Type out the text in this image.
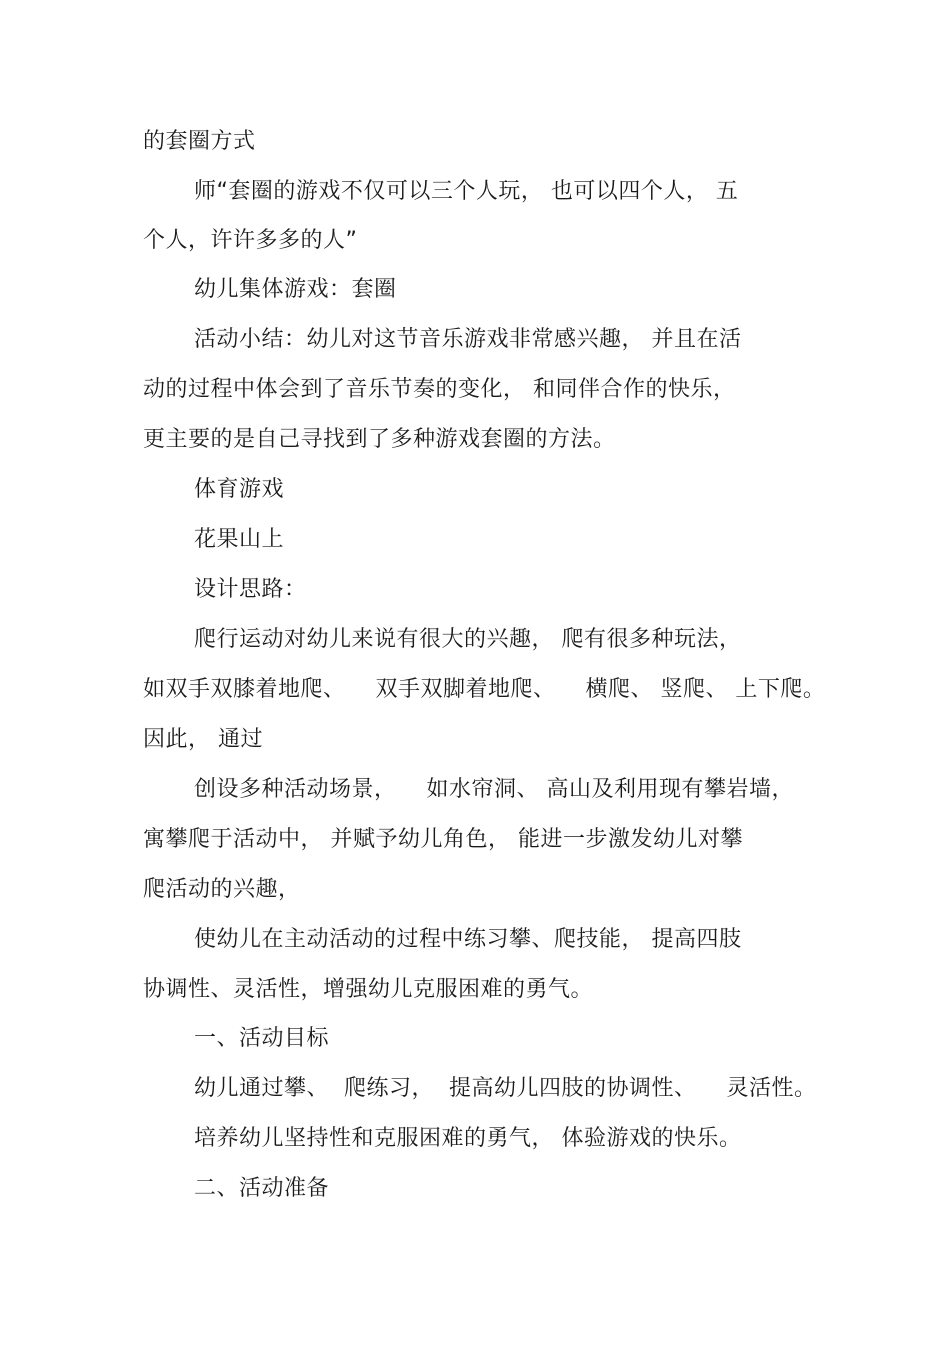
的套圈方式
师“套圈的游戏不仅可以三个人玩， 也可以四个人， 五
个人，许许多多的人”
幼儿集体游戏：套圈
活动小结：幼儿对这节音乐游戏非常感兴趣， 并且在活
动的过程中体会到了音乐节奏的变化， 和同伴合作的快乐，
更主要的是自己寻找到了多种游戏套圈的方法。
体育游戏
花果山上
设计思路：
爬行运动对幼儿来说有很大的兴趣， 爬有很多种玩法，
如双手双膝着地爬、    双手双脚着地爬、    横爬、 竖爬、 上下爬。
因此， 通过
创设多种活动场景，    如水帘洞、 高山及利用现有攀岩墙，
寓攀爬于活动中， 并赋予幼儿角色， 能进一步激发幼儿对攀
爬活动的兴趣，
使幼儿在主动活动的过程中练习攀、爬技能， 提高四肢
协调性、灵活性，增强幼儿克服困难的勇气。
一、活动目标
幼儿通过攀、  爬练习，  提高幼儿四肢的协调性、    灵活性。
培养幼儿坚持性和克服困难的勇气， 体验游戏的快乐。
二、活动准备
